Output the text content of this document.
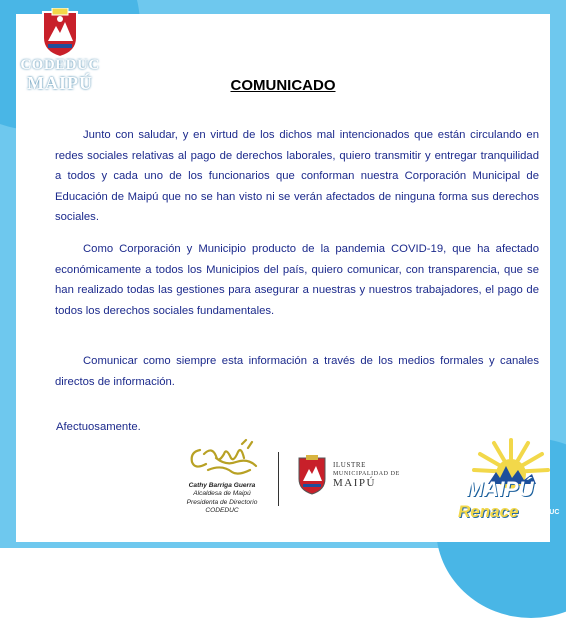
CODEDUC
MAIPÚ	COMUNICADO

Junto con saludar, y en virtud de los dichos mal intencionados que están circulando en redes sociales relativas al pago de derechos laborales, quiero transmitir y entregar tranquilidad a todos y cada uno de los funcionarios que conforman nuestra Corporación Municipal de Educación de Maipú que no se han visto ni se verán afectados de ninguna forma sus derechos sociales.

Como Corporación y Municipio producto de la pandemia COVID-19, que ha afectado económicamente a todos los Municipios del país, quiero comunicar, con transparencia, que se han realizado todas las gestiones para asegurar a nuestras y nuestros trabajadores, el pago de todos los derechos sociales fundamentales.

Comunicar como siempre esta información a través de los medios formales y canales directos de información.

Afectuosamente.
Cathy Barriga Guerra
Alcaldesa de Maipú
Presidenta de Directorio
CODEDUC
ILUSTRE
MUNICIPALIDAD DE
MAIPÚ	MAIPÚ
Renace CODEDUC
